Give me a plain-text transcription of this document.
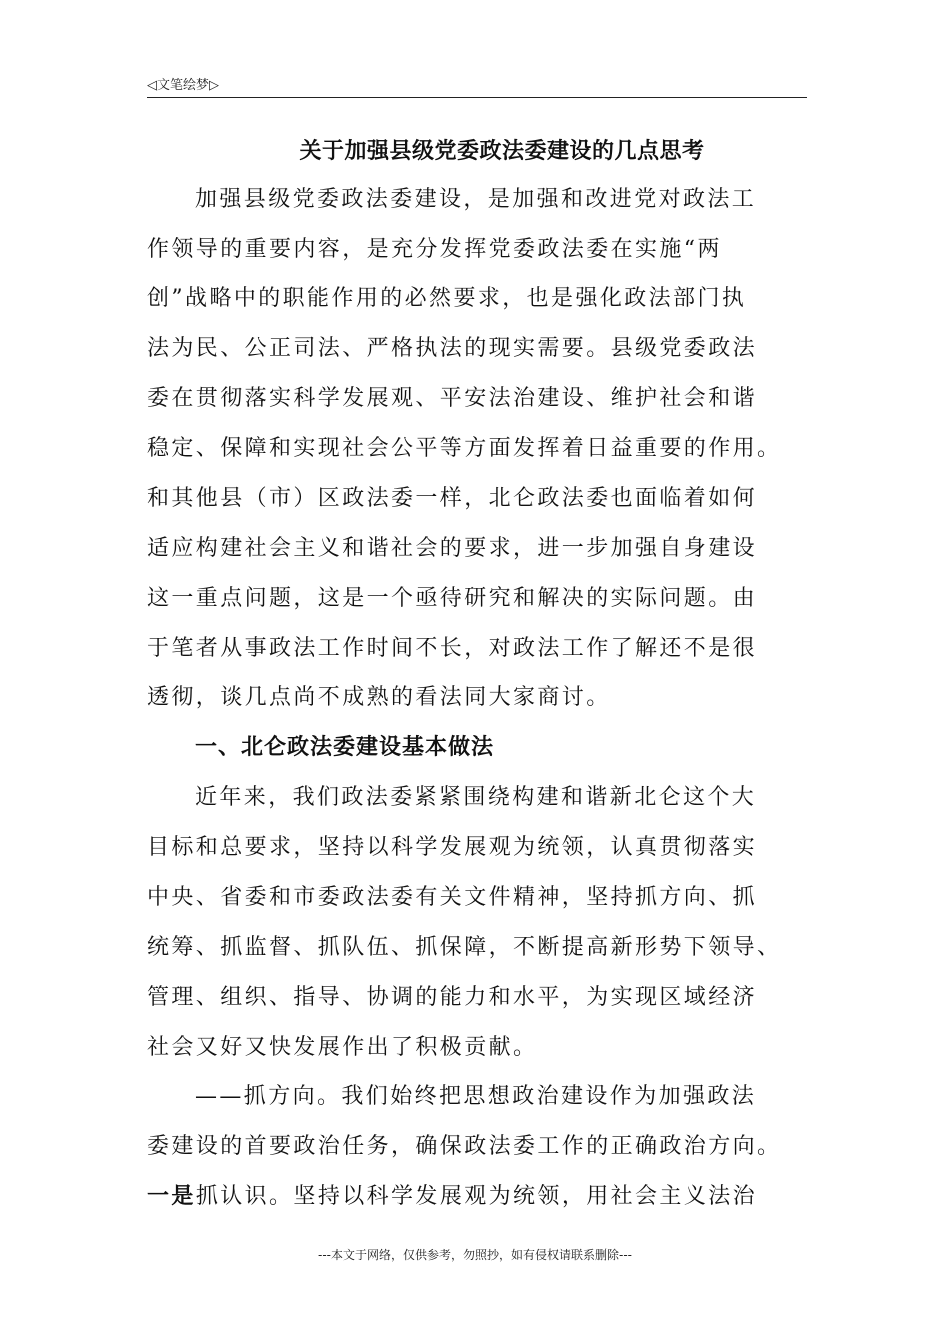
◁文笔绘梦▷
关于加强县级党委政法委建设的几点思考
加强县级党委政法委建设，是加强和改进党对政法工
作领导的重要内容，是充分发挥党委政法委在实施“两
创”战略中的职能作用的必然要求，也是强化政法部门执
法为民、公正司法、严格执法的现实需要。县级党委政法
委在贯彻落实科学发展观、平安法治建设、维护社会和谐
稳定、保障和实现社会公平等方面发挥着日益重要的作用。
和其他县（市）区政法委一样，北仑政法委也面临着如何
适应构建社会主义和谐社会的要求，进一步加强自身建设
这一重点问题，这是一个亟待研究和解决的实际问题。由
于笔者从事政法工作时间不长，对政法工作了解还不是很
透彻，谈几点尚不成熟的看法同大家商讨。
一、北仑政法委建设基本做法
近年来，我们政法委紧紧围绕构建和谐新北仑这个大
目标和总要求，坚持以科学发展观为统领，认真贯彻落实
中央、省委和市委政法委有关文件精神，坚持抓方向、抓
统筹、抓监督、抓队伍、抓保障，不断提高新形势下领导、
管理、组织、指导、协调的能力和水平，为实现区域经济
社会又好又快发展作出了积极贡献。
——抓方向。我们始终把思想政治建设作为加强政法
委建设的首要政治任务，确保政法委工作的正确政治方向。
一是抓认识。坚持以科学发展观为统领，用社会主义法治
---本文于网络，仅供参考，勿照抄，如有侵权请联系删除---
